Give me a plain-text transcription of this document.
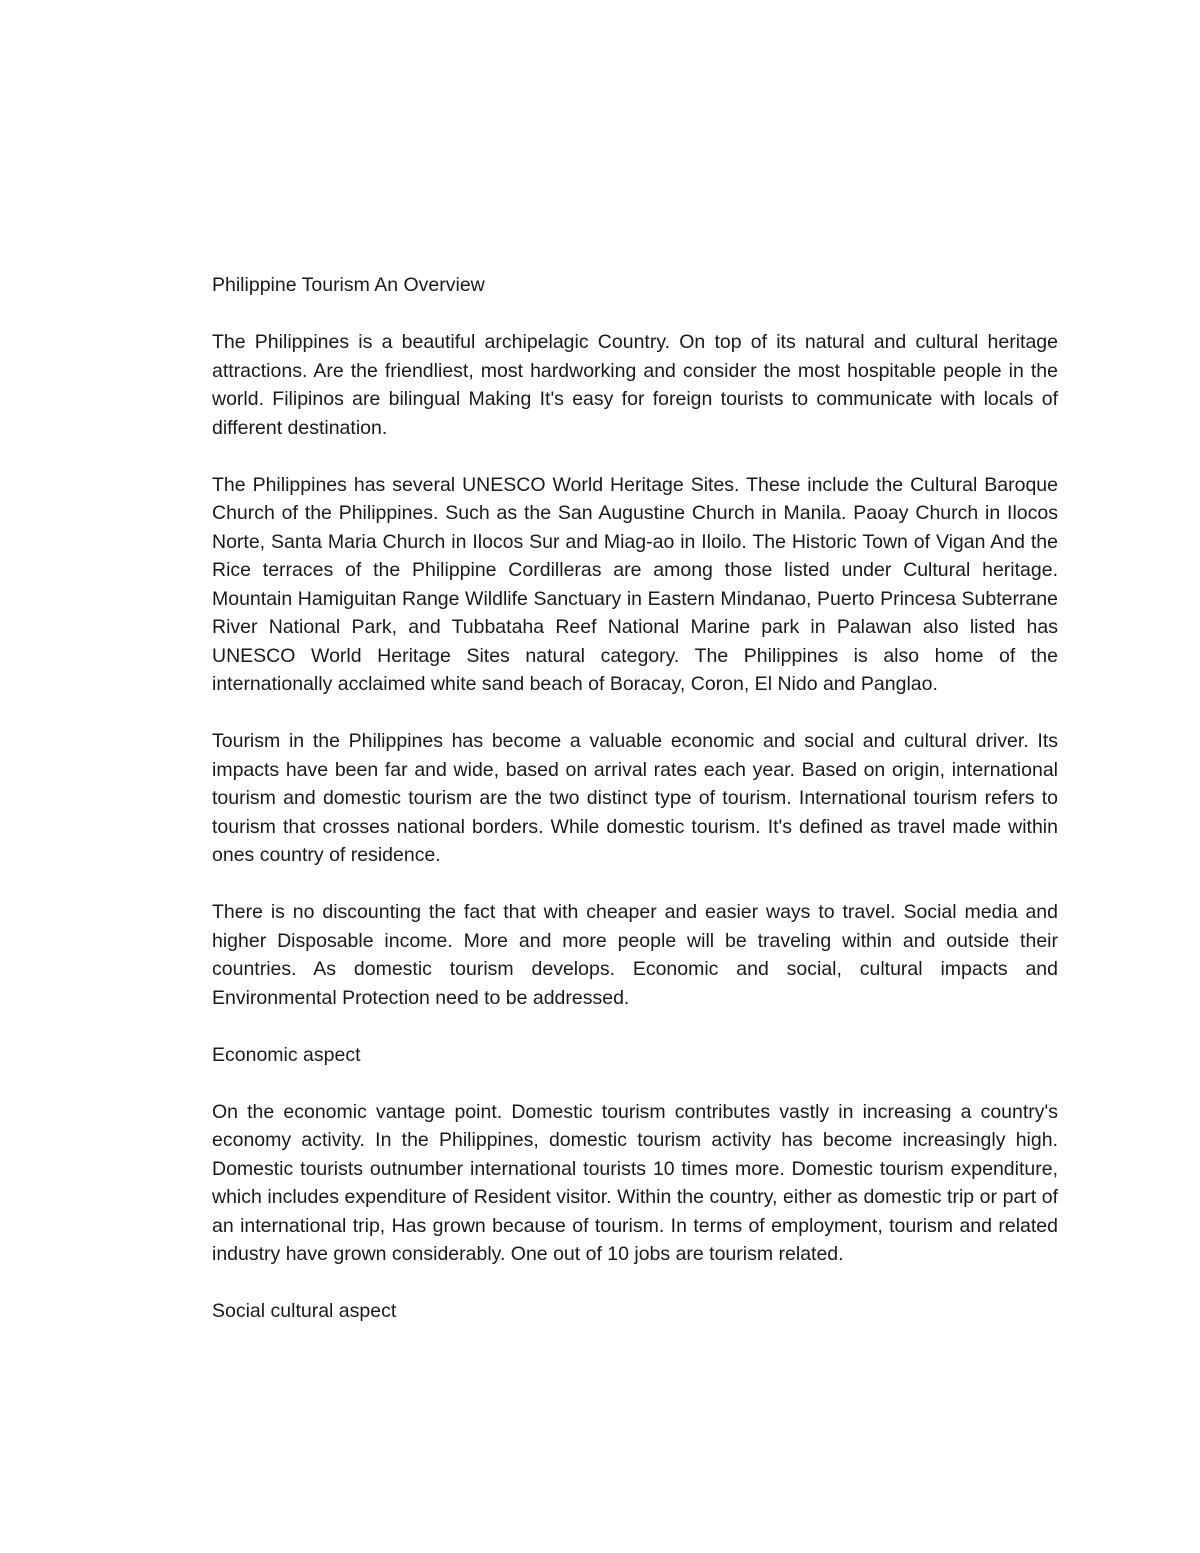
Philippine Tourism An Overview

The Philippines is a beautiful archipelagic Country. On top of its natural and cultural heritage attractions. Are the friendliest, most hardworking and consider the most hospitable people in the world. Filipinos are bilingual Making It's easy for foreign tourists to communicate with locals of different destination.

The Philippines has several UNESCO World Heritage Sites. These include the Cultural Baroque Church of the Philippines. Such as the San Augustine Church in Manila. Paoay Church in Ilocos Norte, Santa Maria Church in Ilocos Sur and Miag-ao in Iloilo. The Historic Town of Vigan And the Rice terraces of the Philippine Cordilleras are among those listed under Cultural heritage. Mountain Hamiguitan Range Wildlife Sanctuary in Eastern Mindanao, Puerto Princesa Subterrane River National Park, and Tubbataha Reef National Marine park in Palawan also listed has UNESCO World Heritage Sites natural category. The Philippines is also home of the internationally acclaimed white sand beach of Boracay, Coron, El Nido and Panglao.

Tourism in the Philippines has become a valuable economic and social and cultural driver. Its impacts have been far and wide, based on arrival rates each year. Based on origin, international tourism and domestic tourism are the two distinct type of tourism. International tourism refers to tourism that crosses national borders. While domestic tourism. It's defined as travel made within ones country of residence.

There is no discounting the fact that with cheaper and easier ways to travel. Social media and higher Disposable income. More and more people will be traveling within and outside their countries. As domestic tourism develops. Economic and social, cultural impacts and Environmental Protection need to be addressed.

Economic aspect

On the economic vantage point. Domestic tourism contributes vastly in increasing a country's economy activity. In the Philippines, domestic tourism activity has become increasingly high. Domestic tourists outnumber international tourists 10 times more. Domestic tourism expenditure, which includes expenditure of Resident visitor. Within the country, either as domestic trip or part of an international trip, Has grown because of tourism. In terms of employment, tourism and related industry have grown considerably. One out of 10 jobs are tourism related.

Social cultural aspect
